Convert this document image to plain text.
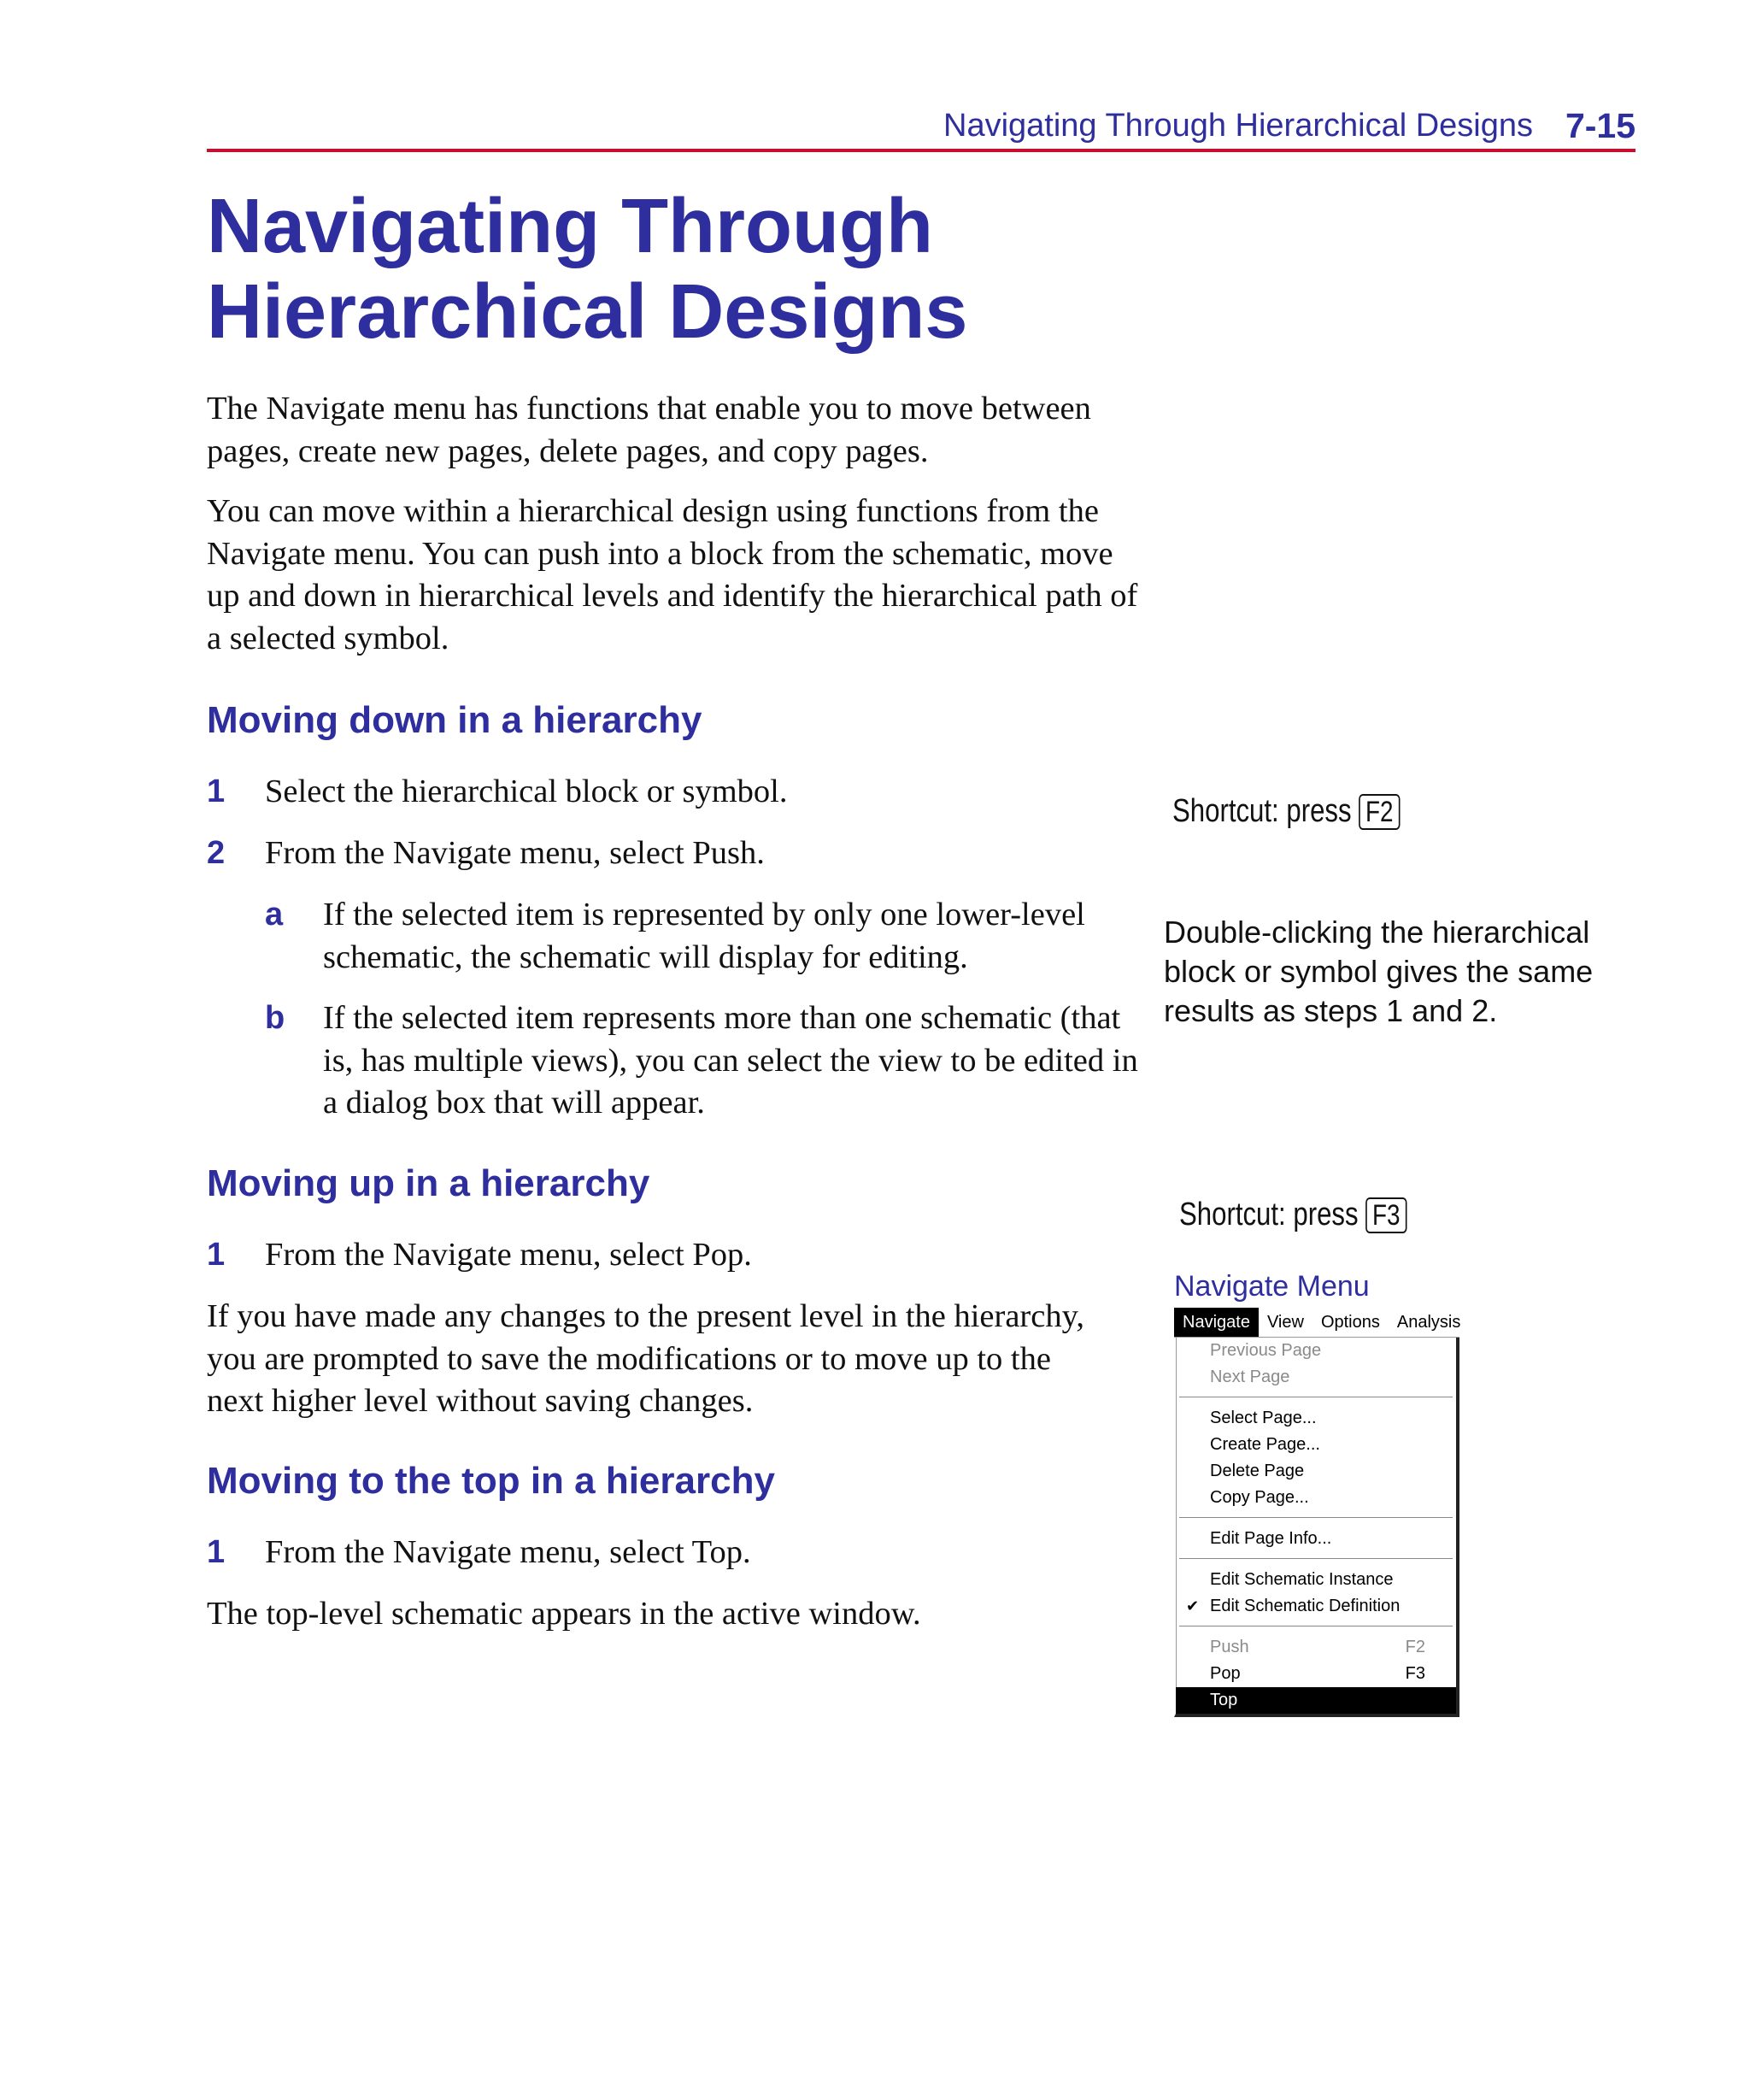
Navigating Through Hierarchical Designs 7-15
Navigating Through
Hierarchical Designs

The Navigate menu has functions that enable you to move between pages, create new pages, delete pages, and copy pages.

You can move within a hierarchical design using functions from the Navigate menu. You can push into a block from the schematic, move up and down in hierarchical levels and identify the hierarchical path of a selected symbol.

Moving down in a hierarchy
1 Select the hierarchical block or symbol.
2 From the Navigate menu, select Push.
a If the selected item is represented by only one lower-level schematic, the schematic will display for editing.
b If the selected item represents more than one schematic (that is, has multiple views), you can select the view to be edited in a dialog box that will appear.
Moving up in a hierarchy
1 From the Navigate menu, select Pop.

If you have made any changes to the present level in the hierarchy, you are prompted to save the modifications or to move up to the next higher level without saving changes.

Moving to the top in a hierarchy
1 From the Navigate menu, select Top.

The top-level schematic appears in the active window.

Shortcut: press F2
Double-clicking the hierarchical block or symbol gives the same results as steps 1 and 2.
Shortcut: press F3
Navigate Menu
Navigate	View	Options	Analysis
Previous Page
Next Page
Select Page...
Create Page...
Delete Page
Copy Page...
Edit Page Info...
Edit Schematic Instance
✔ Edit Schematic Definition
Push	F2
Pop	F3
Top
